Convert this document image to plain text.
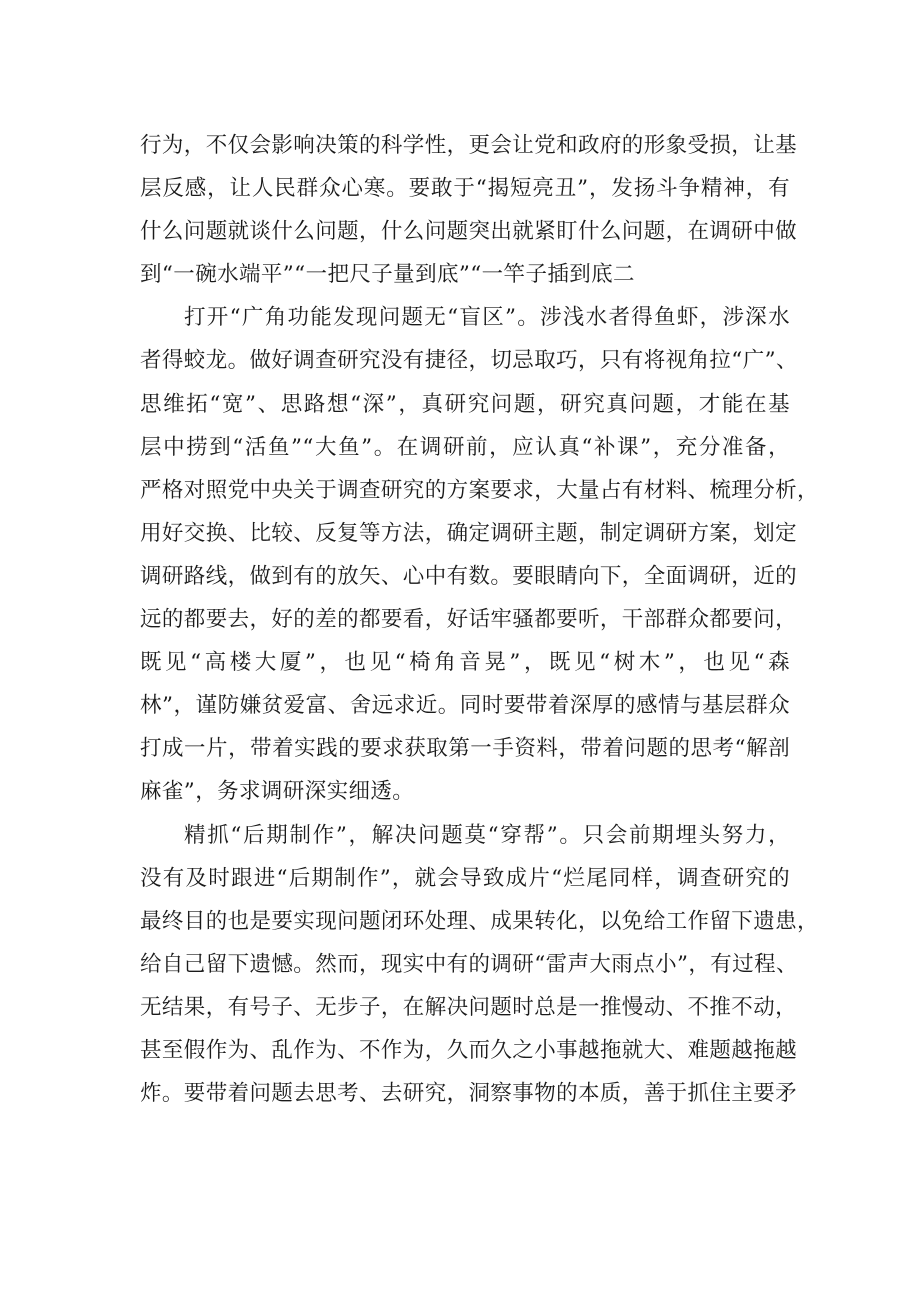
行为，不仅会影响决策的科学性，更会让党和政府的形象受损，让基
层反感，让人民群众心寒。要敢于“揭短亮丑”，发扬斗争精神，有
什么问题就谈什么问题，什么问题突出就紧盯什么问题，在调研中做
到“一碗水端平”“一把尺子量到底”“一竿子插到底二
打开“广角功能发现问题无“盲区”。涉浅水者得鱼虾，涉深水
者得蛟龙。做好调查研究没有捷径，切忌取巧，只有将视角拉“广”、
思维拓“宽”、思路想“深”，真研究问题，研究真问题，才能在基
层中捞到“活鱼”“大鱼”。在调研前，应认真“补课”，充分准备，
严格对照党中央关于调查研究的方案要求，大量占有材料、梳理分析，
用好交换、比较、反复等方法，确定调研主题，制定调研方案，划定
调研路线，做到有的放矢、心中有数。要眼睛向下，全面调研，近的
远的都要去，好的差的都要看，好话牢骚都要听，干部群众都要问，
既见“高楼大厦”，也见“椅角音晃”，既见“树木”，也见“森
林”，谨防嫌贫爱富、舍远求近。同时要带着深厚的感情与基层群众
打成一片，带着实践的要求获取第一手资料，带着问题的思考“解剖
麻雀”，务求调研深实细透。
精抓“后期制作”，解决问题莫“穿帮”。只会前期埋头努力，
没有及时跟进“后期制作”，就会导致成片“烂尾同样，调查研究的
最终目的也是要实现问题闭环处理、成果转化，以免给工作留下遗患，
给自己留下遗憾。然而，现实中有的调研“雷声大雨点小”，有过程、
无结果，有号子、无步子，在解决问题时总是一推慢动、不推不动，
甚至假作为、乱作为、不作为，久而久之小事越拖就大、难题越拖越
炸。要带着问题去思考、去研究，洞察事物的本质，善于抓住主要矛
